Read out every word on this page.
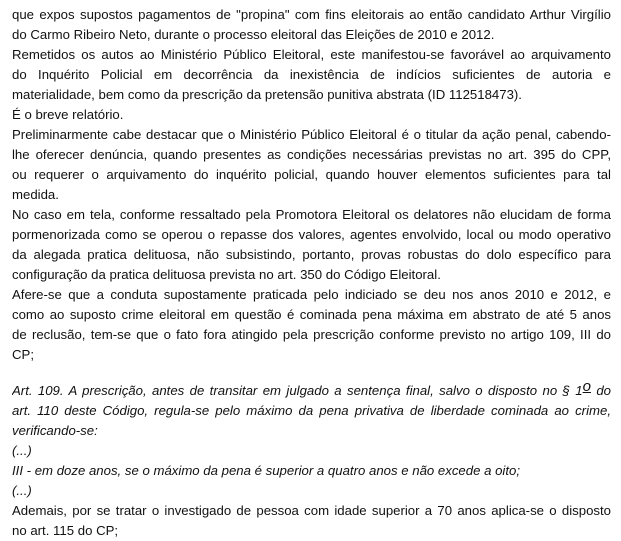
que expos supostos pagamentos de "propina" com fins eleitorais ao então candidato Arthur Virgílio
do Carmo Ribeiro Neto, durante o processo eleitoral das Eleições de 2010 e 2012.
Remetidos os autos ao Ministério Público Eleitoral, este manifestou-se favorável ao arquivamento
do Inquérito Policial em decorrência da inexistência de indícios suficientes de autoria e
materialidade, bem como da prescrição da pretensão punitiva abstrata (ID 112518473).
É o breve relatório.
Preliminarmente cabe destacar que o Ministério Público Eleitoral é o titular da ação penal, cabendo-
lhe oferecer denúncia, quando presentes as condições necessárias previstas no art. 395 do CPP,
ou requerer o arquivamento do inquérito policial, quando houver elementos suficientes para tal
medida.
No caso em tela, conforme ressaltado pela Promotora Eleitoral os delatores não elucidam de forma
pormenorizada como se operou o repasse dos valores, agentes envolvido, local ou modo operativo
da alegada pratica delituosa, não subsistindo, portanto, provas robustas do dolo específico para
configuração da pratica delituosa prevista no art. 350 do Código Eleitoral.
Afere-se que a conduta supostamente praticada pelo indiciado se deu nos anos 2010 e 2012, e
como ao suposto crime eleitoral em questão é cominada pena máxima em abstrato de até 5 anos
de reclusão, tem-se que o fato fora atingido pela prescrição conforme previsto no artigo 109, III do
CP;
Art. 109. A prescrição, antes de transitar em julgado a sentença final, salvo o disposto no § 1o do
art. 110 deste Código, regula-se pelo máximo da pena privativa de liberdade cominada ao crime,
verificando-se:
(...)
III - em doze anos, se o máximo da pena é superior a quatro anos e não excede a oito;
(...)
Ademais, por se tratar o investigado de pessoa com idade superior a 70 anos aplica-se o disposto
no art. 115 do CP;
